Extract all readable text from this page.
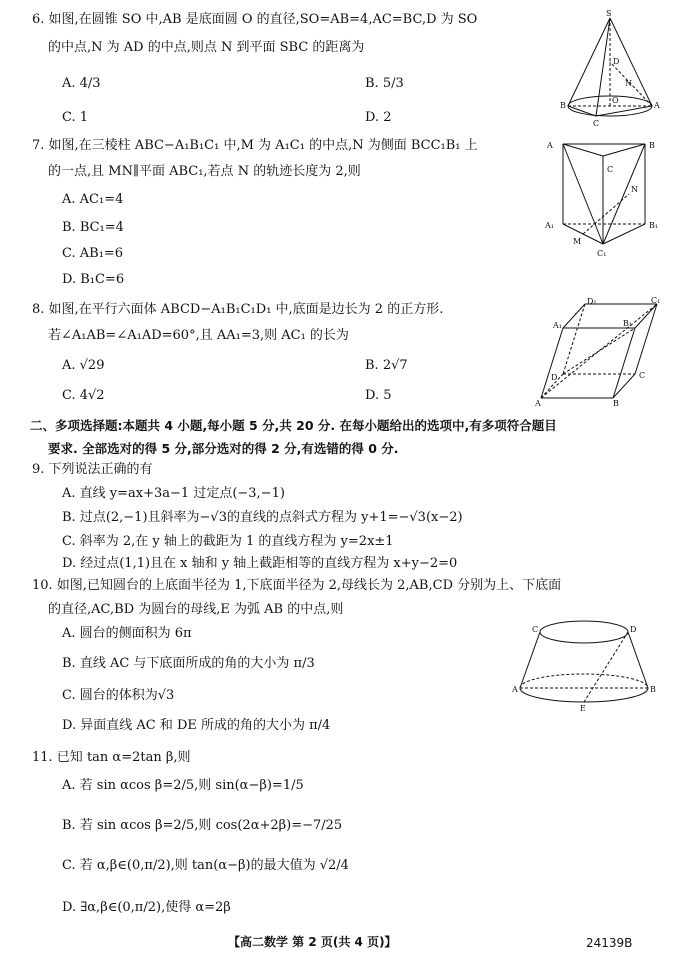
6. 如图,在圆锥 SO 中,AB 是底面圆 O 的直径,SO=AB=4,AC=BC,D 为 SO
的中点,N 为 AD 的中点,则点 N 到平面 SBC 的距离为
A. 4/3	B. 5/3
C. 1	D. 2
S
D
N
B
O
A
C
7. 如图,在三棱柱 ABC−A₁B₁C₁ 中,M 为 A₁C₁ 的中点,N 为侧面 BCC₁B₁ 上
的一点,且 MN∥平面 ABC₁,若点 N 的轨迹长度为 2,则
A. AC₁=4
B. BC₁=4
C. AB₁=6
D. B₁C=6
A	B
C
N
A₁	B₁
M
C₁
8. 如图,在平行六面体 ABCD−A₁B₁C₁D₁ 中,底面是边长为 2 的正方形.
若∠A₁AB=∠A₁AD=60°,且 AA₁=3,则 AC₁ 的长为
A. √29	B. 2√7
C. 4√2	D. 5
D₁	C₁
A₁	B₁
D	C
A	B
二、多项选择题:本题共 4 小题,每小题 5 分,共 20 分. 在每小题给出的选项中,有多项符合题目
要求. 全部选对的得 5 分,部分选对的得 2 分,有选错的得 0 分.
9. 下列说法正确的有
A. 直线 y=ax+3a−1 过定点(−3,−1)
B. 过点(2,−1)且斜率为−√3的直线的点斜式方程为 y+1=−√3(x−2)
C. 斜率为 2,在 y 轴上的截距为 1 的直线方程为 y=2x±1
D. 经过点(1,1)且在 x 轴和 y 轴上截距相等的直线方程为 x+y−2=0
10. 如图,已知圆台的上底面半径为 1,下底面半径为 2,母线长为 2,AB,CD 分别为上、下底面
的直径,AC,BD 为圆台的母线,E 为弧 AB 的中点,则
A. 圆台的侧面积为 6π
B. 直线 AC 与下底面所成的角的大小为 π/3
C. 圆台的体积为√3
D. 异面直线 AC 和 DE 所成的角的大小为 π/4
C	D
A	B
E
11. 已知 tan α=2tan β,则
A. 若 sin αcos β=2/5,则 sin(α−β)=1/5
B. 若 sin αcos β=2/5,则 cos(2α+2β)=−7/25
C. 若 α,β∈(0,π/2),则 tan(α−β)的最大值为 √2/4
D. ∃α,β∈(0,π/2),使得 α=2β
【高二数学 第 2 页(共 4 页)】	24139B
